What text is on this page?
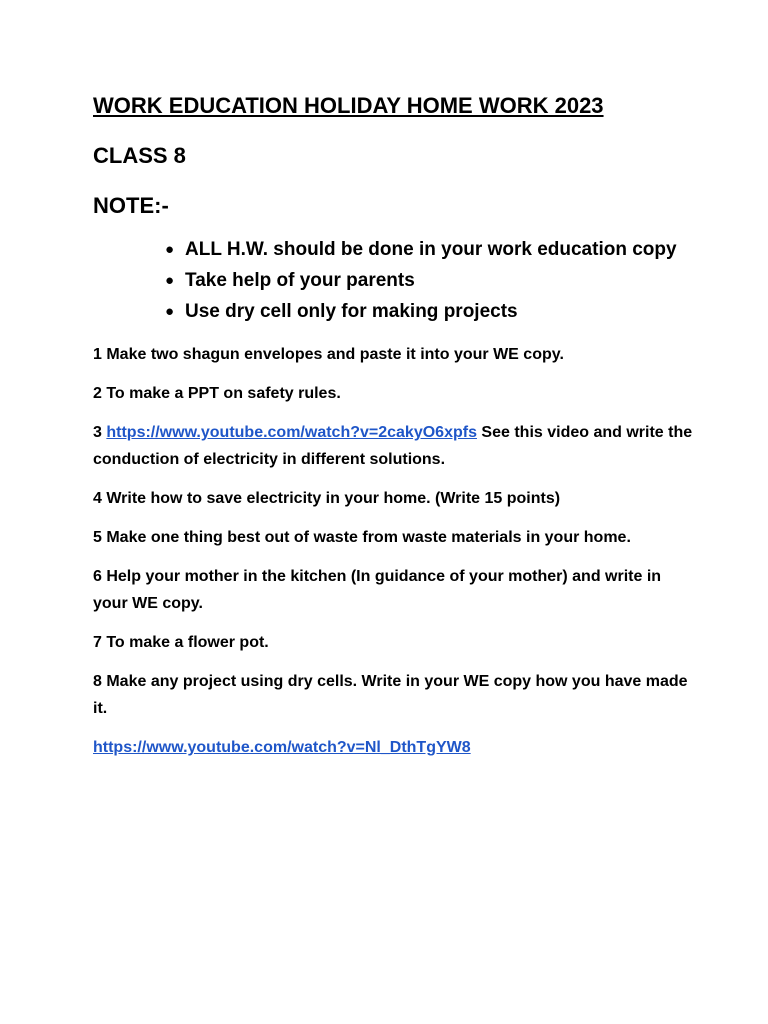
WORK EDUCATION HOLIDAY HOME WORK 2023
CLASS 8
NOTE:-
● ALL H.W. should be done in your work education copy
● Take help of your parents
● Use dry cell only for making projects

1 Make two shagun envelopes and paste it into your WE copy.

2 To make a PPT on safety rules.

3 https://www.youtube.com/watch?v=2cakyO6xpfs See this video and write the conduction of electricity in different solutions.

4 Write how to save electricity in your home. (Write 15 points)

5 Make one thing best out of waste from waste materials in your home.

6 Help your mother in the kitchen (In guidance of your mother) and write in your WE copy.

7 To make a flower pot.

8 Make any project using dry cells. Write in your WE copy how you have made it.

https://www.youtube.com/watch?v=Nl_DthTgYW8
